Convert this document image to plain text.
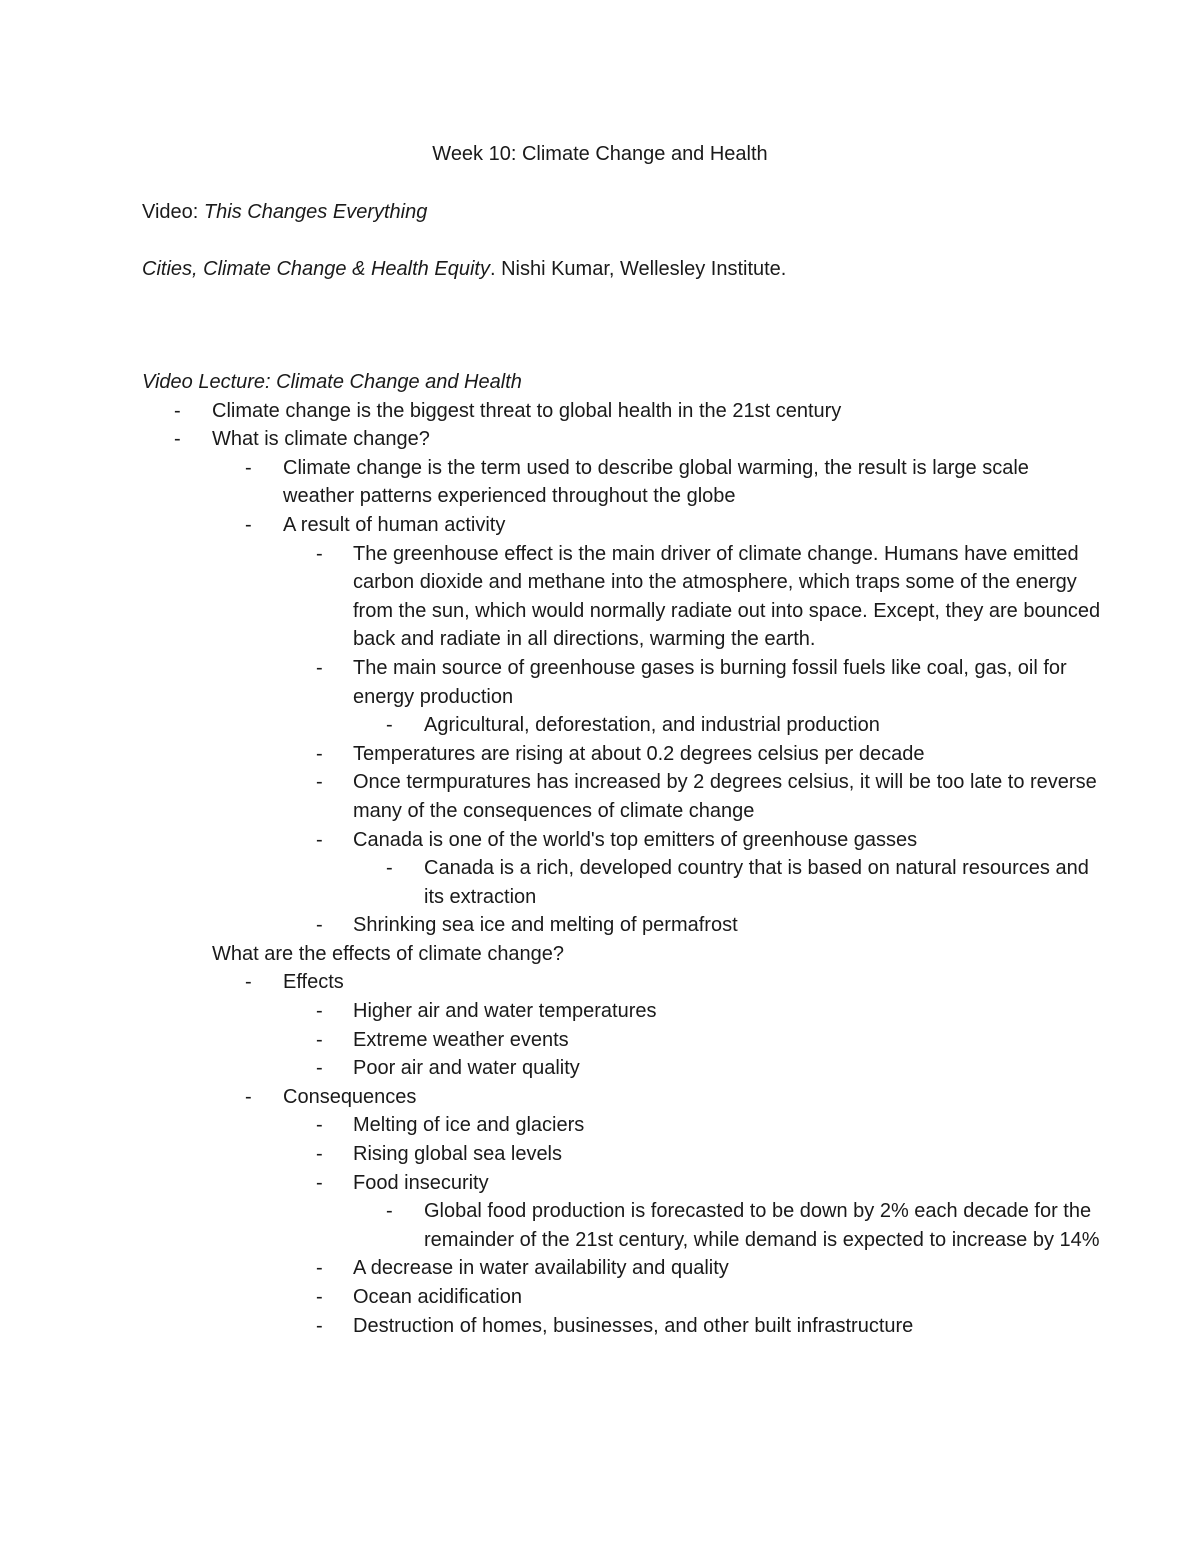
Week 10: Climate Change and Health
Video: This Changes Everything
Cities, Climate Change & Health Equity. Nishi Kumar, Wellesley Institute.
Video Lecture: Climate Change and Health
-	Climate change is the biggest threat to global health in the 21st century
-	What is climate change?
-	Climate change is the term used to describe global warming, the result is large scale weather patterns experienced throughout the globe
-	A result of human activity
-	The greenhouse effect is the main driver of climate change. Humans have emitted carbon dioxide and methane into the atmosphere, which traps some of the energy from the sun, which would normally radiate out into space. Except, they are bounced back and radiate in all directions, warming the earth.
-	The main source of greenhouse gases is burning fossil fuels like coal, gas, oil for energy production
-	Agricultural, deforestation, and industrial production
-	Temperatures are rising at about 0.2 degrees celsius per decade
-	Once termpuratures has increased by 2 degrees celsius, it will be too late to reverse many of the consequences of climate change
-	Canada is one of the world's top emitters of greenhouse gasses
-	Canada is a rich, developed country that is based on natural resources and its extraction
-	Shrinking sea ice and melting of permafrost
What are the effects of climate change?
-	Effects
-	Higher air and water temperatures
-	Extreme weather events
-	Poor air and water quality
-	Consequences
-	Melting of ice and glaciers
-	Rising global sea levels
-	Food insecurity
-	Global food production is forecasted to be down by 2% each decade for the remainder of the 21st century, while demand is expected to increase by 14%
-	A decrease in water availability and quality
-	Ocean acidification
-	Destruction of homes, businesses, and other built infrastructure
